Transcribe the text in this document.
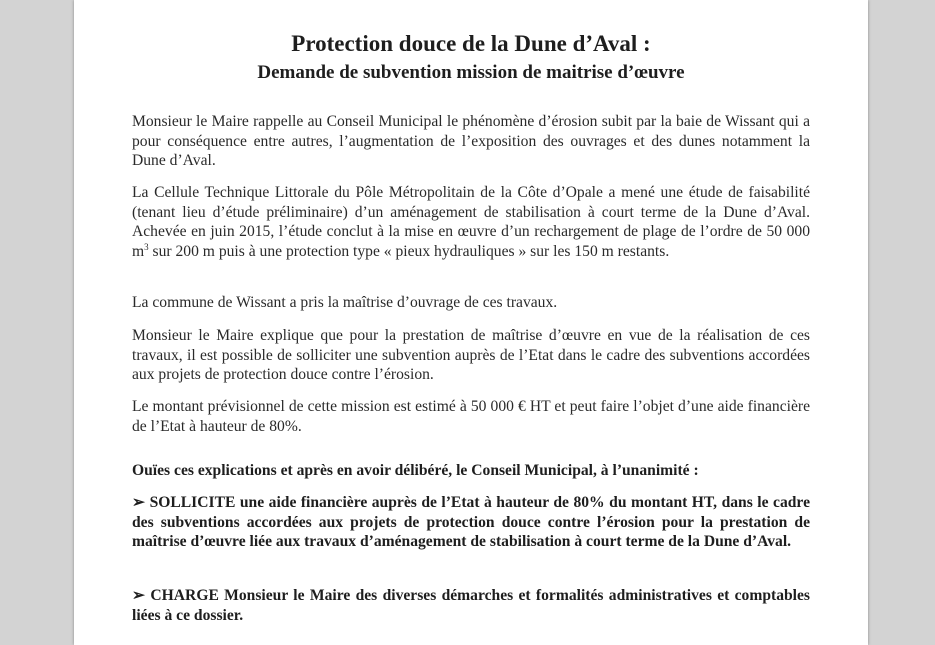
Protection douce de la Dune d’Aval :
Demande de subvention mission de maitrise d’œuvre

Monsieur le Maire rappelle au Conseil Municipal le phénomène d’érosion subit par la baie de Wissant qui a pour conséquence entre autres, l’augmentation de l’exposition des ouvrages et des dunes notamment la Dune d’Aval.

La Cellule Technique Littorale du Pôle Métropolitain de la Côte d’Opale a mené une étude de faisabilité (tenant lieu d’étude préliminaire) d’un aménagement de stabilisation à court terme de la Dune d’Aval. Achevée en juin 2015, l’étude conclut à la mise en œuvre d’un rechargement de plage de l’ordre de 50 000 $m^3$ sur 200 m puis à une protection type « pieux hydrauliques » sur les 150 m restants.

La commune de Wissant a pris la maîtrise d’ouvrage de ces travaux.

Monsieur le Maire explique que pour la prestation de maîtrise d’œuvre en vue de la réalisation de ces travaux, il est possible de solliciter une subvention auprès de l’Etat dans le cadre des subventions accordées aux projets de protection douce contre l’érosion.

Le montant prévisionnel de cette mission est estimé à 50 000 € HT et peut faire l’objet d’une aide financière de l’Etat à hauteur de 80%.

Ouïes ces explications et après en avoir délibéré, le Conseil Municipal, à l’unanimité :

➢ SOLLICITE une aide financière auprès de l’Etat à hauteur de 80% du montant HT, dans le cadre des subventions accordées aux projets de protection douce contre l’érosion pour la prestation de maîtrise d’œuvre liée aux travaux d’aménagement de stabilisation à court terme de la Dune d’Aval.

➢ CHARGE Monsieur le Maire des diverses démarches et formalités administratives et comptables liées à ce dossier.
